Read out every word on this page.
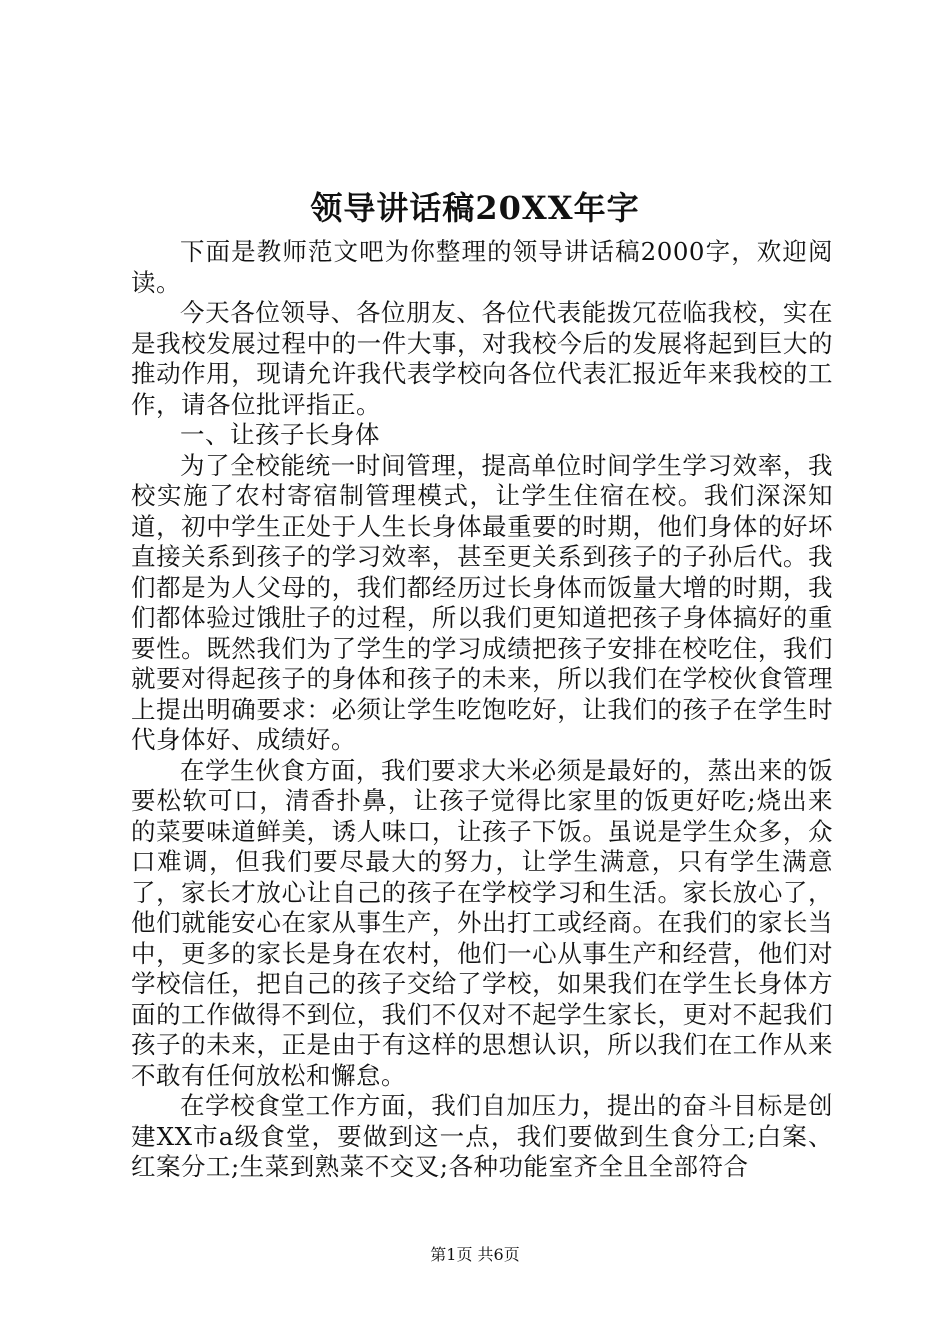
领导讲话稿20XX年字

下面是教师范文吧为你整理的领导讲话稿2000字，欢迎阅读。

今天各位领导、各位朋友、各位代表能拨冗莅临我校，实在是我校发展过程中的一件大事，对我校今后的发展将起到巨大的推动作用，现请允许我代表学校向各位代表汇报近年来我校的工作，请各位批评指正。

一、让孩子长身体

为了全校能统一时间管理，提高单位时间学生学习效率，我校实施了农村寄宿制管理模式，让学生住宿在校。我们深深知道，初中学生正处于人生长身体最重要的时期，他们身体的好坏直接关系到孩子的学习效率，甚至更关系到孩子的子孙后代。我们都是为人父母的，我们都经历过长身体而饭量大增的时期，我们都体验过饿肚子的过程，所以我们更知道把孩子身体搞好的重要性。既然我们为了学生的学习成绩把孩子安排在校吃住，我们就要对得起孩子的身体和孩子的未来，所以我们在学校伙食管理上提出明确要求：必须让学生吃饱吃好，让我们的孩子在学生时代身体好、成绩好。

在学生伙食方面，我们要求大米必须是最好的，蒸出来的饭要松软可口，清香扑鼻，让孩子觉得比家里的饭更好吃;烧出来的菜要味道鲜美，诱人味口，让孩子下饭。虽说是学生众多，众口难调，但我们要尽最大的努力，让学生满意，只有学生满意了，家长才放心让自己的孩子在学校学习和生活。家长放心了，他们就能安心在家从事生产，外出打工或经商。在我们的家长当中，更多的家长是身在农村，他们一心从事生产和经营，他们对学校信任，把自己的孩子交给了学校，如果我们在学生长身体方面的工作做得不到位，我们不仅对不起学生家长，更对不起我们孩子的未来，正是由于有这样的思想认识，所以我们在工作从来不敢有任何放松和懈怠。

在学校食堂工作方面，我们自加压力，提出的奋斗目标是创建XX市a级食堂，要做到这一点，我们要做到生食分工;白案、红案分工;生菜到熟菜不交叉;各种功能室齐全且全部符合

第1页 共6页
